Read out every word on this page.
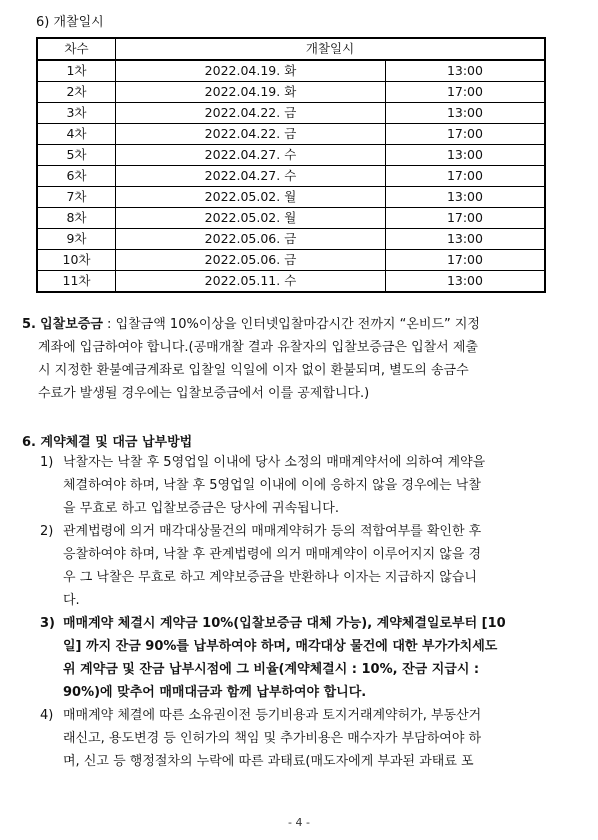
6) 개찰일시
차수	개찰일시	
1차	2022.04.19. 화	13:00
2차	2022.04.19. 화	17:00
3차	2022.04.22. 금	13:00
4차	2022.04.22. 금	17:00
5차	2022.04.27. 수	13:00
6차	2022.04.27. 수	17:00
7차	2022.05.02. 월	13:00
8차	2022.05.02. 월	17:00
9차	2022.05.06. 금	13:00
10차	2022.05.06. 금	17:00
11차	2022.05.11. 수	13:00
5. 입찰보증금 : 입찰금액 10%이상을 인터넷입찰마감시간 전까지 “온비드” 지정
계좌에 입금하여야 합니다.(공매개찰 결과 유찰자의 입찰보증금은 입찰서 제출
시 지정한 환불예금계좌로 입찰일 익일에 이자 없이 환불되며, 별도의 송금수
수료가 발생될 경우에는 입찰보증금에서 이를 공제합니다.)
6. 계약체결 및 대금 납부방법
1) 낙찰자는 낙찰 후 5영업일 이내에 당사 소정의 매매계약서에 의하여 계약을
체결하여야 하며, 낙찰 후 5영업일 이내에 이에 응하지 않을 경우에는 낙찰
을 무효로 하고 입찰보증금은 당사에 귀속됩니다.
2) 관계법령에 의거 매각대상물건의 매매계약허가 등의 적합여부를 확인한 후
응찰하여야 하며, 낙찰 후 관계법령에 의거 매매계약이 이루어지지 않을 경
우 그 낙찰은 무효로 하고 계약보증금을 반환하나 이자는 지급하지 않습니
다.
3) 매매계약 체결시 계약금 10%(입찰보증금 대체 가능), 계약체결일로부터 [10
일] 까지 잔금 90%를 납부하여야 하며, 매각대상 물건에 대한 부가가치세도
위 계약금 및 잔금 납부시점에 그 비율(계약체결시 : 10%, 잔금 지급시 :
90%)에 맞추어 매매대금과 함께 납부하여야 합니다.
4) 매매계약 체결에 따른 소유권이전 등기비용과 토지거래계약허가, 부동산거
래신고, 용도변경 등 인허가의 책임 및 추가비용은 매수자가 부담하여야 하
며, 신고 등 행정절차의 누락에 따른 과태료(매도자에게 부과된 과태료 포
- 4 -
